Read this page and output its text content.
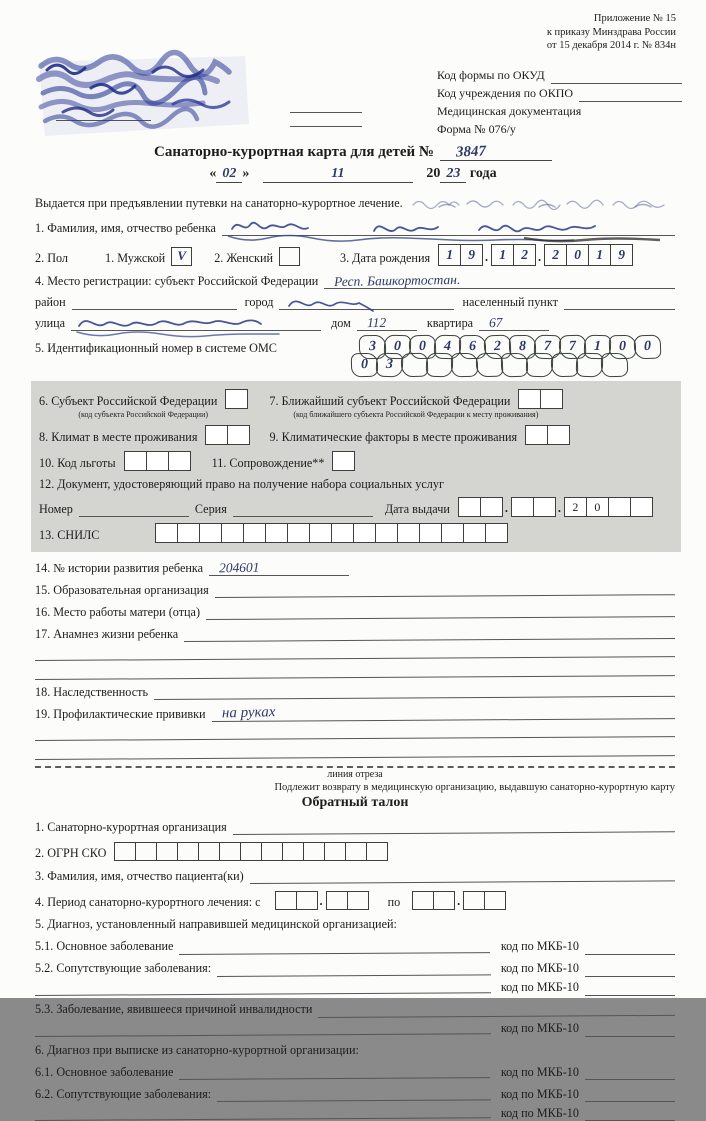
Приложение № 15
к приказу Минздрава России
от 15 декабря 2014 г. № 834н
Код формы по ОКУД
Код учреждения по ОКПО
Медицинская документация
Форма № 076/у
Санаторно-курортная карта для детей № 3847
« 02 »	11	20 23 года
Выдается при предъявлении путевки на санаторно-курортное лечение.
1. Фамилия, имя, отчество ребенка
2. Пол	1. Мужской V 2. Женский	3. Дата рождения	1	9 . 1	2 . 2	0	1	9
4. Место регистрации: субъект Российской Федерации Респ. Башкортостан.
район	город	населенный пункт
улица	дом 112	квартира 67
5. Идентификационный номер в системе ОМС	3	0	0	4	6	2	8	7	7	1	0	0
0	3
6. Субъект Российской Федерации
(код субъекта Российской Федерации)
7. Ближайший субъект Российской Федерации
(код ближайшего субъекта Российской Федерации к месту проживания)
8. Климат в месте проживания	9. Климатические факторы в месте проживания
10. Код льготы	11. Сопровождение**
12. Документ, удостоверяющий право на получение набора социальных услуг
Номер	Серия	Дата выдачи	.	. 2	0
13. СНИЛС
14. № истории развития ребенка 204601
15. Образовательная организация
16. Место работы матери (отца)
17. Анамнез жизни ребенка
18. Наследственность
19. Профилактические прививки на руках
линия отреза
Подлежит возврату в медицинскую организацию, выдавшую санаторно-курортную карту
Обратный талон
1. Санаторно-курортная организация
2. ОГРН СКО
3. Фамилия, имя, отчество пациента(ки)
4. Период санаторно-курортного лечения: с	.	по	.
5. Диагноз, установленный направившей медицинской организацией:
5.1. Основное заболевание	код по МКБ-10
5.2. Сопутствующие заболевания:	код по МКБ-10
код по МКБ-10
5.3. Заболевание, явившееся причиной инвалидности
код по МКБ-10
6. Диагноз при выписке из санаторно-курортной организации:
6.1. Основное заболевание	код по МКБ-10
6.2. Сопутствующие заболевания:	код по МКБ-10
код по МКБ-10
